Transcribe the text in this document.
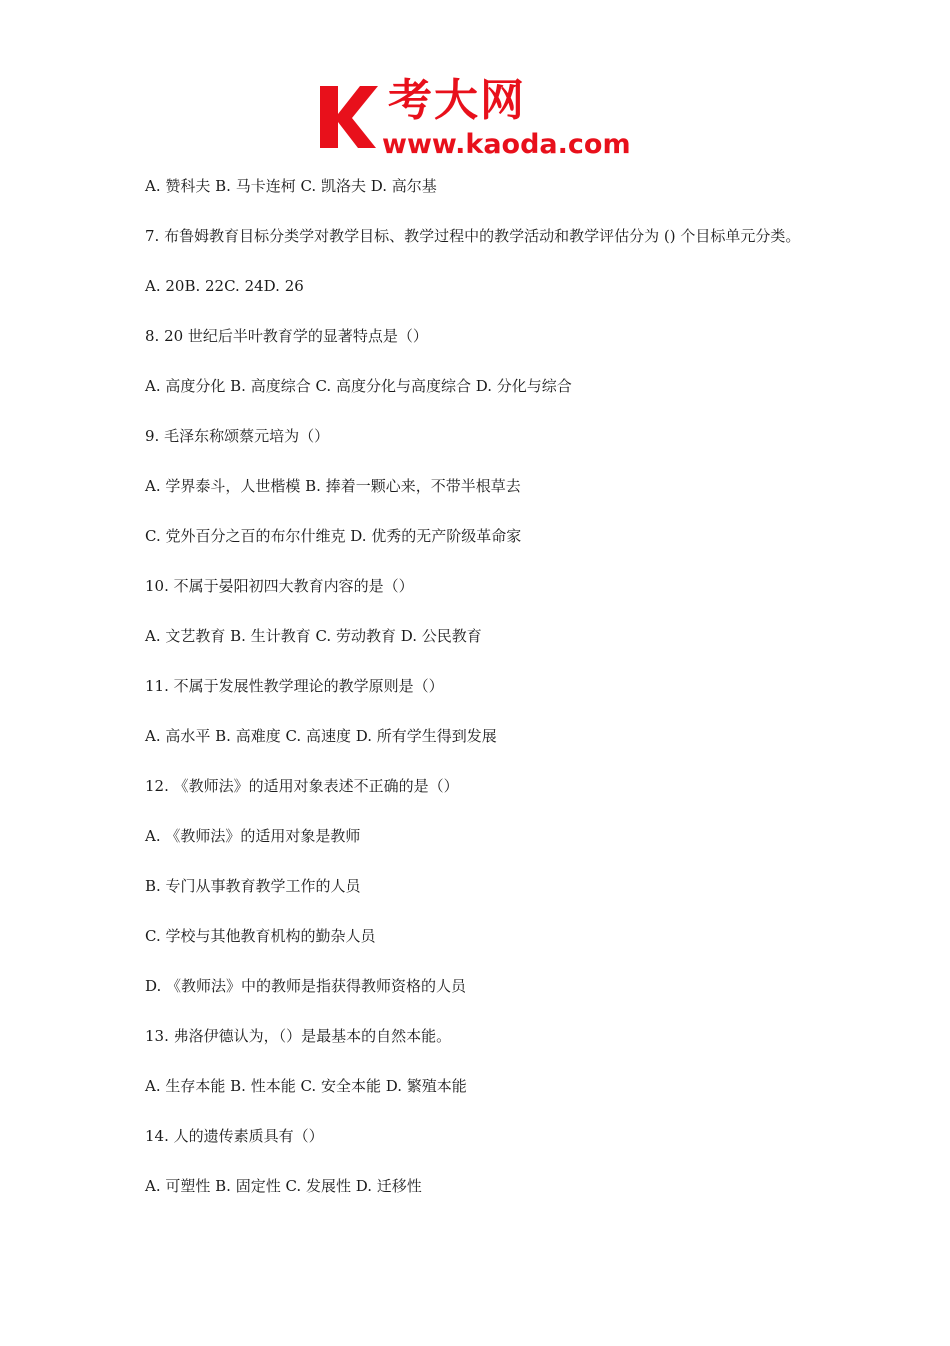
考大网
www.kaoda.com

A. 赞科夫 B. 马卡连柯 C. 凯洛夫 D. 高尔基

7. 布鲁姆教育目标分类学对教学目标、教学过程中的教学活动和教学评估分为 () 个目标单元分类。

A. 20B. 22C. 24D. 26

8. 20 世纪后半叶教育学的显著特点是（）

A. 高度分化 B. 高度综合 C. 高度分化与高度综合 D. 分化与综合

9. 毛泽东称颂蔡元培为（）

A. 学界泰斗，人世楷模 B. 捧着一颗心来，不带半根草去

C. 党外百分之百的布尔什维克 D. 优秀的无产阶级革命家

10. 不属于晏阳初四大教育内容的是（）

A. 文艺教育 B. 生计教育 C. 劳动教育 D. 公民教育

11. 不属于发展性教学理论的教学原则是（）

A. 高水平 B. 高难度 C. 高速度 D. 所有学生得到发展

12. 《教师法》的适用对象表述不正确的是（）

A. 《教师法》的适用对象是教师

B. 专门从事教育教学工作的人员

C. 学校与其他教育机构的勤杂人员

D. 《教师法》中的教师是指获得教师资格的人员

13. 弗洛伊德认为，（）是最基本的自然本能。

A. 生存本能 B. 性本能 C. 安全本能 D. 繁殖本能

14. 人的遗传素质具有（）

A. 可塑性 B. 固定性 C. 发展性 D. 迁移性
